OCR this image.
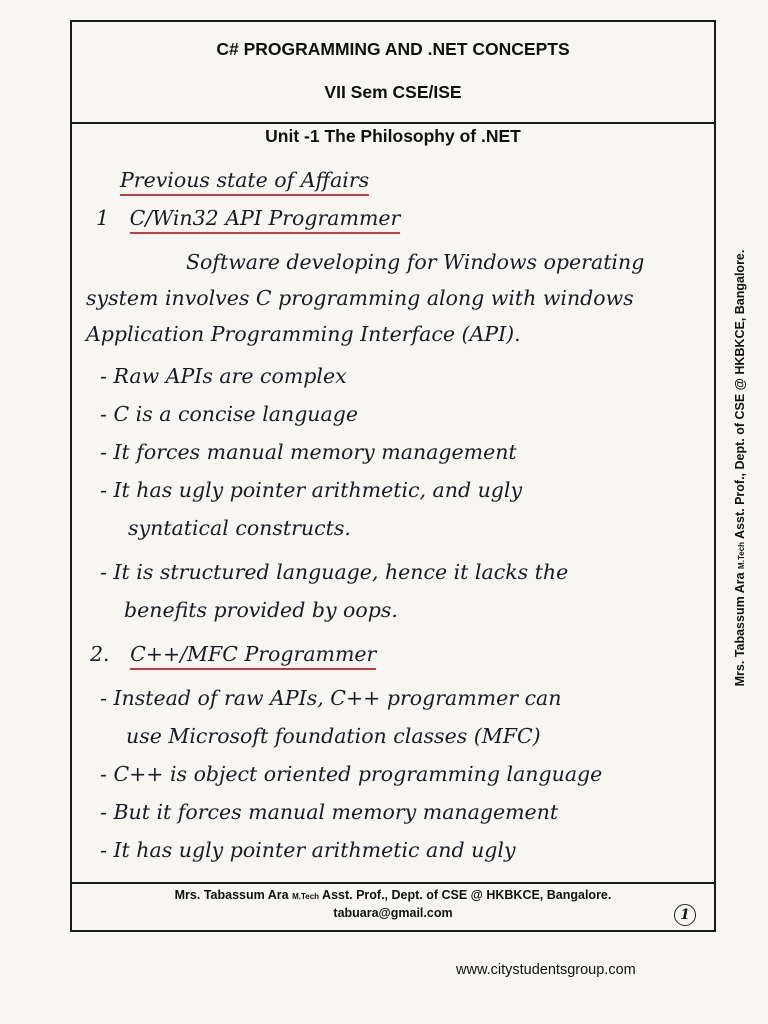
C# PROGRAMMING AND .NET CONCEPTS
VII Sem CSE/ISE
Unit -1 The Philosophy of .NET
Previous state of Affairs
1 C/Win32 API Programmer
Software developing for Windows operating
system involves C programming along with windows
Application Programming Interface (API).
- Raw APIs are complex
- C is a concise language
- It forces manual memory management
- It has ugly pointer arithmetic, and ugly
syntatical constructs.
- It is structured language, hence it lacks the
benefits provided by oops.
2. C++/MFC Programmer
- Instead of raw APIs, C++ programmer can
use Microsoft foundation classes (MFC)
- C++ is object oriented programming language
- But it forces manual memory management
- It has ugly pointer arithmetic and ugly
Mrs. Tabassum Ara M.Tech Asst. Prof., Dept. of CSE @ HKBKCE, Bangalore.
tabuara@gmail.com	1
Mrs. Tabassum Ara M.Tech Asst. Prof., Dept. of CSE @ HKBKCE, Bangalore.
www.citystudentsgroup.com
